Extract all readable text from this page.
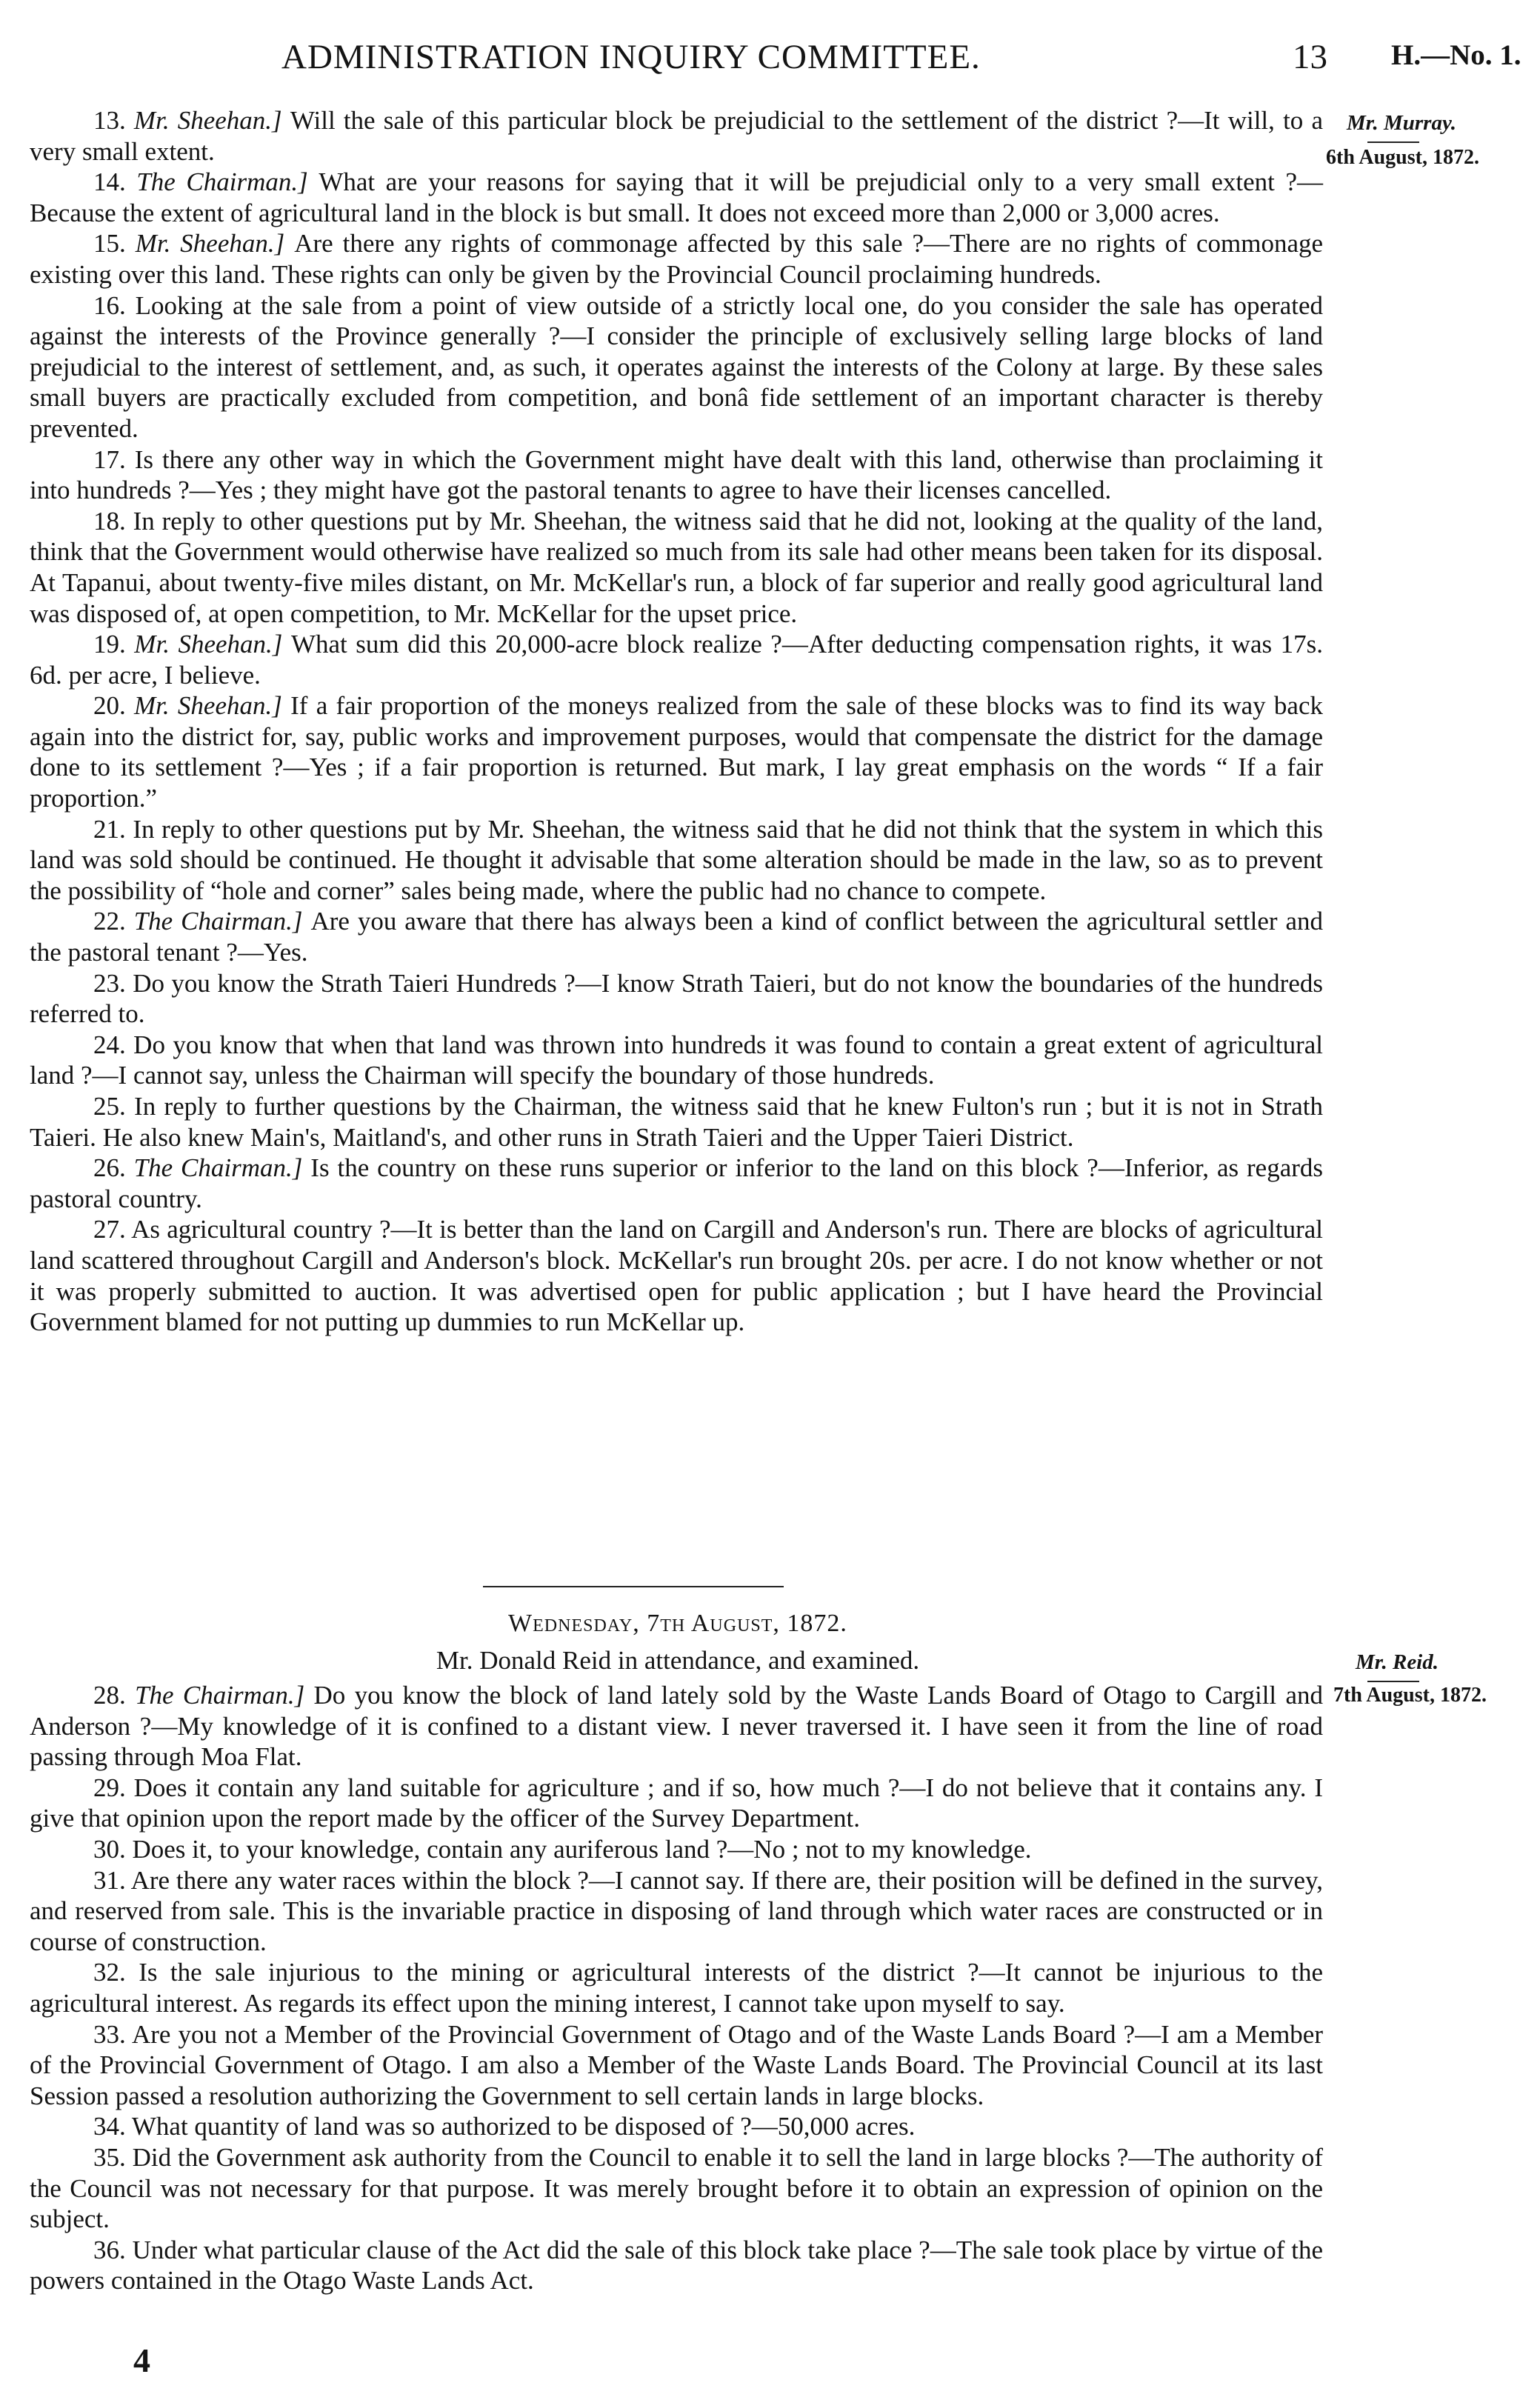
ADMINISTRATION INQUIRY COMMITTEE.	13 H.—No. 1.
Mr. Murray.
6th August, 1872.
Mr. Reid.
7th August, 1872.

13. Mr. Sheehan.] Will the sale of this particular block be prejudicial to the settlement of the district ?—It will, to a very small extent.

14. The Chairman.] What are your reasons for saying that it will be prejudicial only to a very small extent ?—Because the extent of agricultural land in the block is but small. It does not exceed more than 2,000 or 3,000 acres.

15. Mr. Sheehan.] Are there any rights of commonage affected by this sale ?—There are no rights of commonage existing over this land. These rights can only be given by the Provincial Council proclaiming hundreds.

16. Looking at the sale from a point of view outside of a strictly local one, do you consider the sale has operated against the interests of the Province generally ?—I consider the principle of exclusively selling large blocks of land prejudicial to the interest of settlement, and, as such, it operates against the interests of the Colony at large. By these sales small buyers are practically excluded from competition, and bonâ fide settlement of an important character is thereby prevented.

17. Is there any other way in which the Government might have dealt with this land, otherwise than proclaiming it into hundreds ?—Yes ; they might have got the pastoral tenants to agree to have their licenses cancelled.

18. In reply to other questions put by Mr. Sheehan, the witness said that he did not, looking at the quality of the land, think that the Government would otherwise have realized so much from its sale had other means been taken for its disposal. At Tapanui, about twenty-five miles distant, on Mr. McKellar's run, a block of far superior and really good agricultural land was disposed of, at open competition, to Mr. McKellar for the upset price.

19. Mr. Sheehan.] What sum did this 20,000-acre block realize ?—After deducting compensation rights, it was 17s. 6d. per acre, I believe.

20. Mr. Sheehan.] If a fair proportion of the moneys realized from the sale of these blocks was to find its way back again into the district for, say, public works and improvement purposes, would that compensate the district for the damage done to its settlement ?—Yes ; if a fair proportion is returned. But mark, I lay great emphasis on the words “ If a fair proportion.”

21. In reply to other questions put by Mr. Sheehan, the witness said that he did not think that the system in which this land was sold should be continued. He thought it advisable that some alteration should be made in the law, so as to prevent the possibility of “hole and corner” sales being made, where the public had no chance to compete.

22. The Chairman.] Are you aware that there has always been a kind of conflict between the agricultural settler and the pastoral tenant ?—Yes.

23. Do you know the Strath Taieri Hundreds ?—I know Strath Taieri, but do not know the boundaries of the hundreds referred to.

24. Do you know that when that land was thrown into hundreds it was found to contain a great extent of agricultural land ?—I cannot say, unless the Chairman will specify the boundary of those hundreds.

25. In reply to further questions by the Chairman, the witness said that he knew Fulton's run ; but it is not in Strath Taieri. He also knew Main's, Maitland's, and other runs in Strath Taieri and the Upper Taieri District.

26. The Chairman.] Is the country on these runs superior or inferior to the land on this block ?—Inferior, as regards pastoral country.

27. As agricultural country ?—It is better than the land on Cargill and Anderson's run. There are blocks of agricultural land scattered throughout Cargill and Anderson's block. McKellar's run brought 20s. per acre. I do not know whether or not it was properly submitted to auction. It was advertised open for public application ; but I have heard the Provincial Government blamed for not putting up dummies to run McKellar up.

Wednesday, 7th August, 1872.
Mr. Donald Reid in attendance, and examined.

28. The Chairman.] Do you know the block of land lately sold by the Waste Lands Board of Otago to Cargill and Anderson ?—My knowledge of it is confined to a distant view. I never traversed it. I have seen it from the line of road passing through Moa Flat.

29. Does it contain any land suitable for agriculture ; and if so, how much ?—I do not believe that it contains any. I give that opinion upon the report made by the officer of the Survey Department.

30. Does it, to your knowledge, contain any auriferous land ?—No ; not to my knowledge.

31. Are there any water races within the block ?—I cannot say. If there are, their position will be defined in the survey, and reserved from sale. This is the invariable practice in disposing of land through which water races are constructed or in course of construction.

32. Is the sale injurious to the mining or agricultural interests of the district ?—It cannot be injurious to the agricultural interest. As regards its effect upon the mining interest, I cannot take upon myself to say.

33. Are you not a Member of the Provincial Government of Otago and of the Waste Lands Board ?—I am a Member of the Provincial Government of Otago. I am also a Member of the Waste Lands Board. The Provincial Council at its last Session passed a resolution authorizing the Government to sell certain lands in large blocks.

34. What quantity of land was so authorized to be disposed of ?—50,000 acres.

35. Did the Government ask authority from the Council to enable it to sell the land in large blocks ?—The authority of the Council was not necessary for that purpose. It was merely brought before it to obtain an expression of opinion on the subject.

36. Under what particular clause of the Act did the sale of this block take place ?—The sale took place by virtue of the powers contained in the Otago Waste Lands Act.

4
